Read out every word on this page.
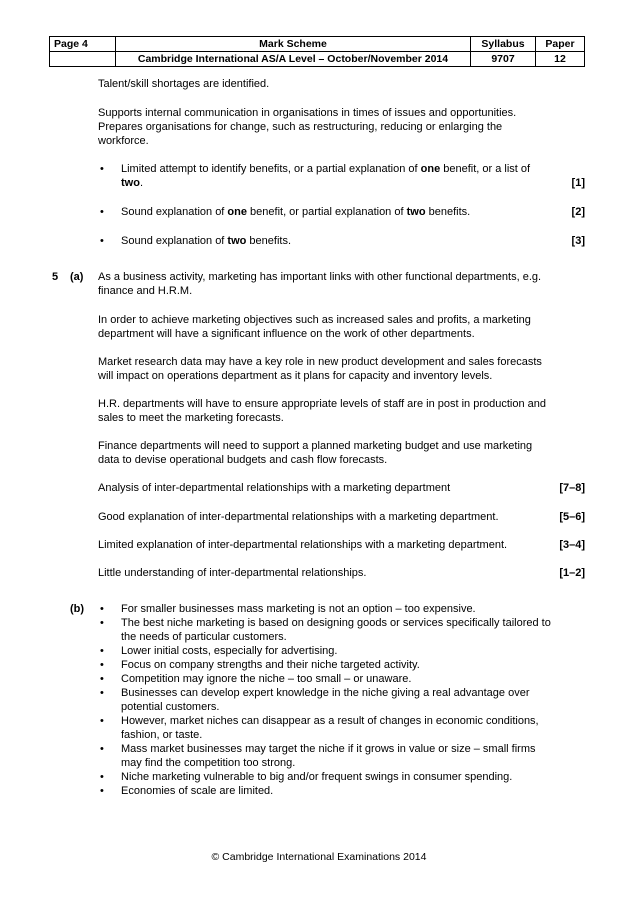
Page 4	Mark Scheme	Syllabus	Paper
	Cambridge International AS/A Level – October/November 2014	9707	12
Talent/skill shortages are identified.
Supports internal communication in organisations in times of issues and opportunities.
Prepares organisations for change, such as restructuring, reducing or enlarging the
workforce.
• Limited attempt to identify benefits, or a partial explanation of one benefit, or a list of
two.	[1]
• Sound explanation of one benefit, or partial explanation of two benefits.	[2]
• Sound explanation of two benefits.	[3]
5 (a) As a business activity, marketing has important links with other functional departments, e.g.
finance and H.R.M.
In order to achieve marketing objectives such as increased sales and profits, a marketing
department will have a significant influence on the work of other departments.
Market research data may have a key role in new product development and sales forecasts
will impact on operations department as it plans for capacity and inventory levels.
H.R. departments will have to ensure appropriate levels of staff are in post in production and
sales to meet the marketing forecasts.
Finance departments will need to support a planned marketing budget and use marketing
data to devise operational budgets and cash flow forecasts.
Analysis of inter-departmental relationships with a marketing department	[7–8]
Good explanation of inter-departmental relationships with a marketing department.	[5–6]
Limited explanation of inter-departmental relationships with a marketing department.	[3–4]
Little understanding of inter-departmental relationships.	[1–2]
(b) • For smaller businesses mass marketing is not an option – too expensive.
• The best niche marketing is based on designing goods or services specifically tailored to
the needs of particular customers.
• Lower initial costs, especially for advertising.
• Focus on company strengths and their niche targeted activity.
• Competition may ignore the niche – too small – or unaware.
• Businesses can develop expert knowledge in the niche giving a real advantage over
potential customers.
• However, market niches can disappear as a result of changes in economic conditions,
fashion, or taste.
• Mass market businesses may target the niche if it grows in value or size – small firms
may find the competition too strong.
• Niche marketing vulnerable to big and/or frequent swings in consumer spending.
• Economies of scale are limited.
© Cambridge International Examinations 2014
